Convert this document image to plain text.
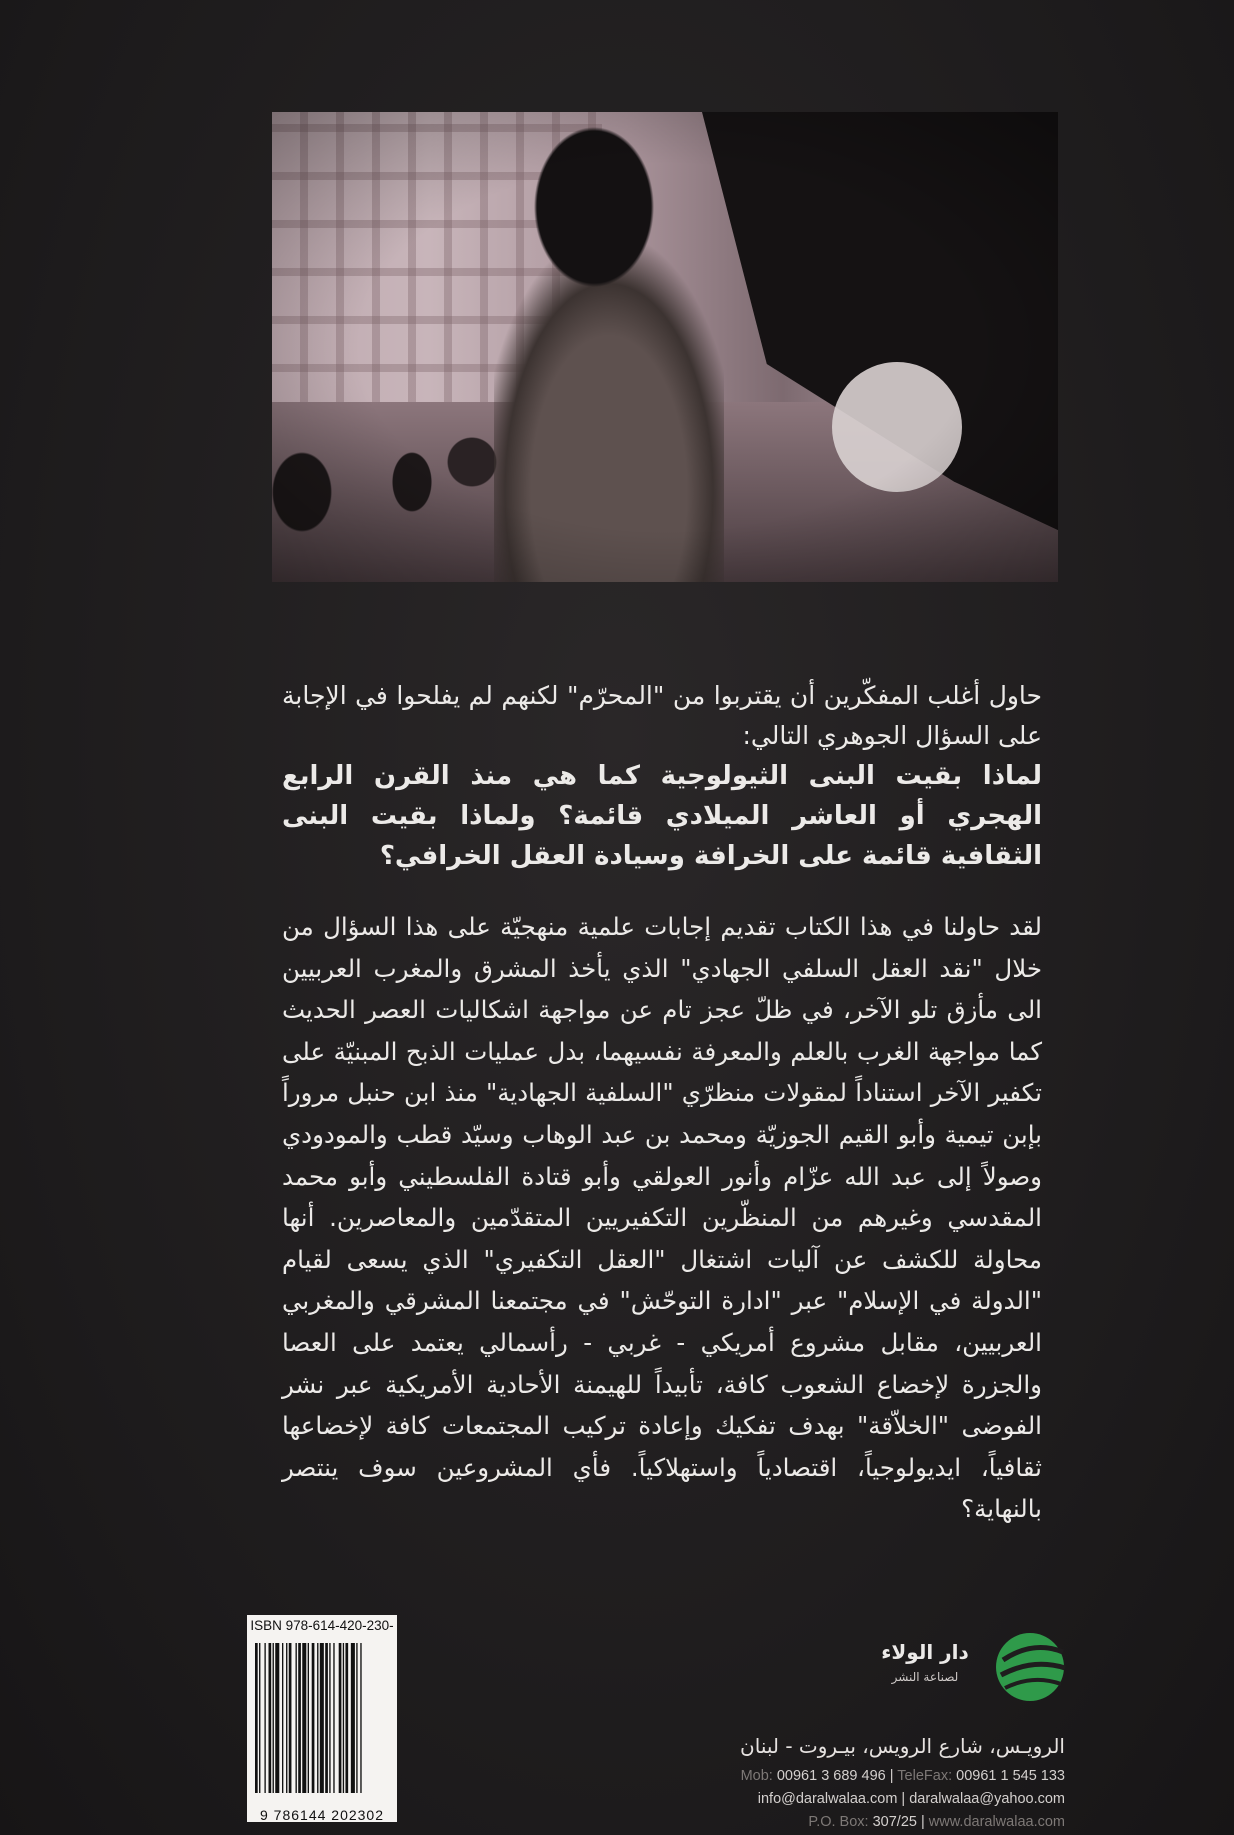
حاول أغلب المفكّرين أن يقتربوا من "المحرّم" لكنهم لم يفلحوا في الإجابة على السؤال الجوهري التالي:

لماذا بقيت البنى الثيولوجية كما هي منذ القرن الرابع الهجري أو العاشر الميلادي قائمة؟ ولماذا بقيت البنى الثقافية قائمة على الخرافة وسيادة العقل الخرافي؟

لقد حاولنا في هذا الكتاب تقديم إجابات علمية منهجيّة على هذا السؤال من خلال "نقد العقل السلفي الجهادي" الذي يأخذ المشرق والمغرب العربيين الى مأزق تلو الآخر، في ظلّ عجز تام عن مواجهة اشكاليات العصر الحديث كما مواجهة الغرب بالعلم والمعرفة نفسيهما، بدل عمليات الذبح المبنيّة على تكفير الآخر استناداً لمقولات منظرّي "السلفية الجهادية" منذ ابن حنبل مروراً بإبن تيمية وأبو القيم الجوزيّة ومحمد بن عبد الوهاب وسيّد قطب والمودودي وصولاً إلى عبد الله عزّام وأنور العولقي وأبو قتادة الفلسطيني وأبو محمد المقدسي وغيرهم من المنظّرين التكفيريين المتقدّمين والمعاصرين. أنها محاولة للكشف عن آليات اشتغال "العقل التكفيري" الذي يسعى لقيام "الدولة في الإسلام" عبر "ادارة التوحّش" في مجتمعنا المشرقي والمغربي العربيين، مقابل مشروع أمريكي - غربي - رأسمالي يعتمد على العصا والجزرة لإخضاع الشعوب كافة، تأبيداً للهيمنة الأحادية الأمريكية عبر نشر الفوضى "الخلاّقة" بهدف تفكيك وإعادة تركيب المجتمعات كافة لإخضاعها ثقافياً، ايديولوجياً، اقتصادياً واستهلاكياً. فأي المشروعين سوف ينتصر بالنهاية؟

ISBN 978-614-420-230-
9 786144 202302
دار الولاء
لصناعة النشر
الرويـس، شارع الرويس، بيـروت - لبنان
Mob: 00961 3 689 496 | TeleFax: 00961 1 545 133
info@daralwalaa.com | daralwalaa@yahoo.com
P.O. Box: 307/25 | www.daralwalaa.com
